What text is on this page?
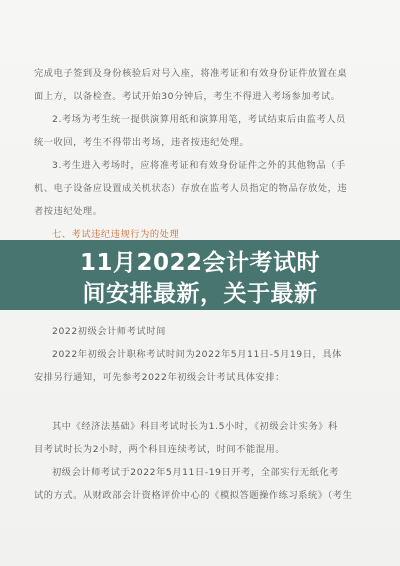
完成电子签到及身份核验后对号入座，将准考证和有效身份证件放置在桌
面上方，以备检查。考试开始30分钟后，考生不得进入考场参加考试。
2.考场为考生统一提供演算用纸和演算用笔，考试结束后由监考人员
统一收回，考生不得带出考场，违者按违纪处理。
3.考生进入考场时，应将准考证和有效身份证件之外的其他物品（手
机、电子设备应设置成关机状态）存放在监考人员指定的物品存放处，违
者按违纪处理。
七、考试违纪违规行为的处理
11月2022会计考试时
间安排最新，关于最新
2022初级会计师考试时间
2022年初级会计职称考试时间为2022年5月11日-5月19日，具体
安排另行通知，可先参考2022年初级会计考试具体安排：
其中《经济法基础》科目考试时长为1.5小时，《初级会计实务》科
目考试时长为2小时，两个科目连续考试，时间不能混用。
初级会计师考试于2022年5月11日-19日开考，全部实行无纸化考
试的方式。从财政部会计资格评价中心的《模拟答题操作练习系统》（考生
